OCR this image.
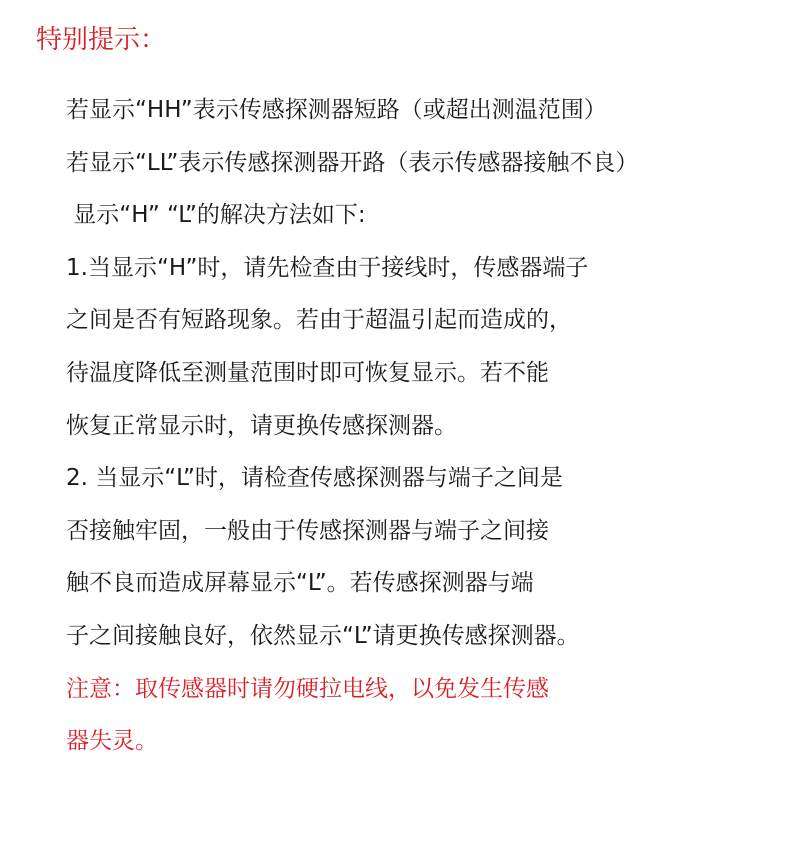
特别提示：
若显示“HH”表示传感探测器短路（或超出测温范围）
若显示“LL”表示传感探测器开路（表示传感器接触不良）
显示“H” “L”的解决方法如下:
1.当显示“H”时，请先检查由于接线时，传感器端子
之间是否有短路现象。若由于超温引起而造成的，
待温度降低至测量范围时即可恢复显示。若不能
恢复正常显示时，请更换传感探测器。
2. 当显示“L”时，请检查传感探测器与端子之间是
否接触牢固，一般由于传感探测器与端子之间接
触不良而造成屏幕显示“L”。若传感探测器与端
子之间接触良好，依然显示“L”请更换传感探测器。
注意：取传感器时请勿硬拉电线，以免发生传感
器失灵。
